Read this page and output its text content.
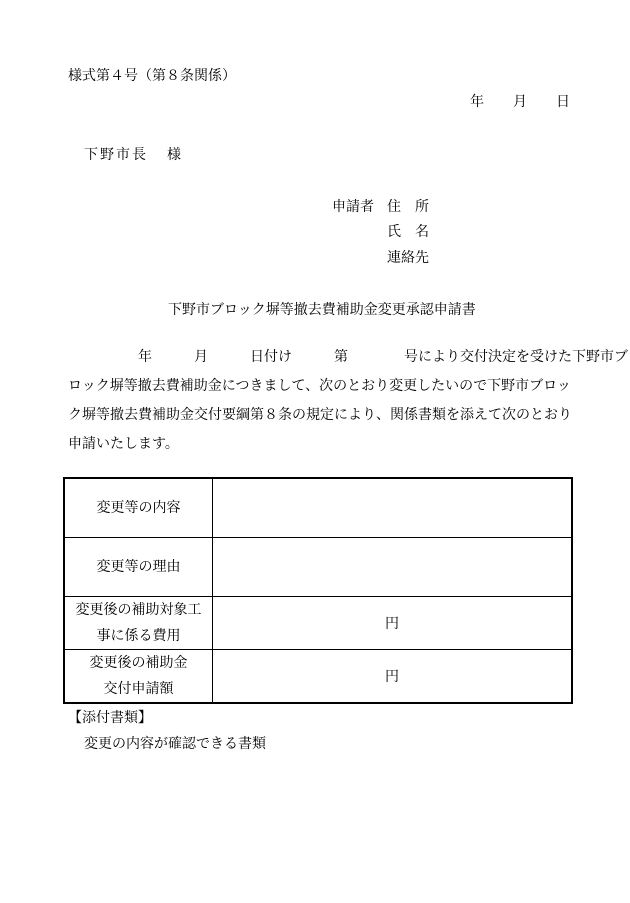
様式第４号（第８条関係）
年 月 日
下野市長 様
申請者 住　所
氏　名
連絡先
下野市ブロック塀等撤去費補助金変更承認申請書
　　　　　年　　　月　　　日付け　　　第　　　　号により交付決定を受けた下野市ブ
ロック塀等撤去費補助金につきまして、次のとおり変更したいので下野市ブロッ
ク塀等撤去費補助金交付要綱第８条の規定により、関係書類を添えて次のとおり
申請いたします。
変更等の内容	

変更等の理由	

変更後の補助対象工
事に係る費用	円

変更後の補助金
交付申請額	円
【添付書類】
変更の内容が確認できる書類
